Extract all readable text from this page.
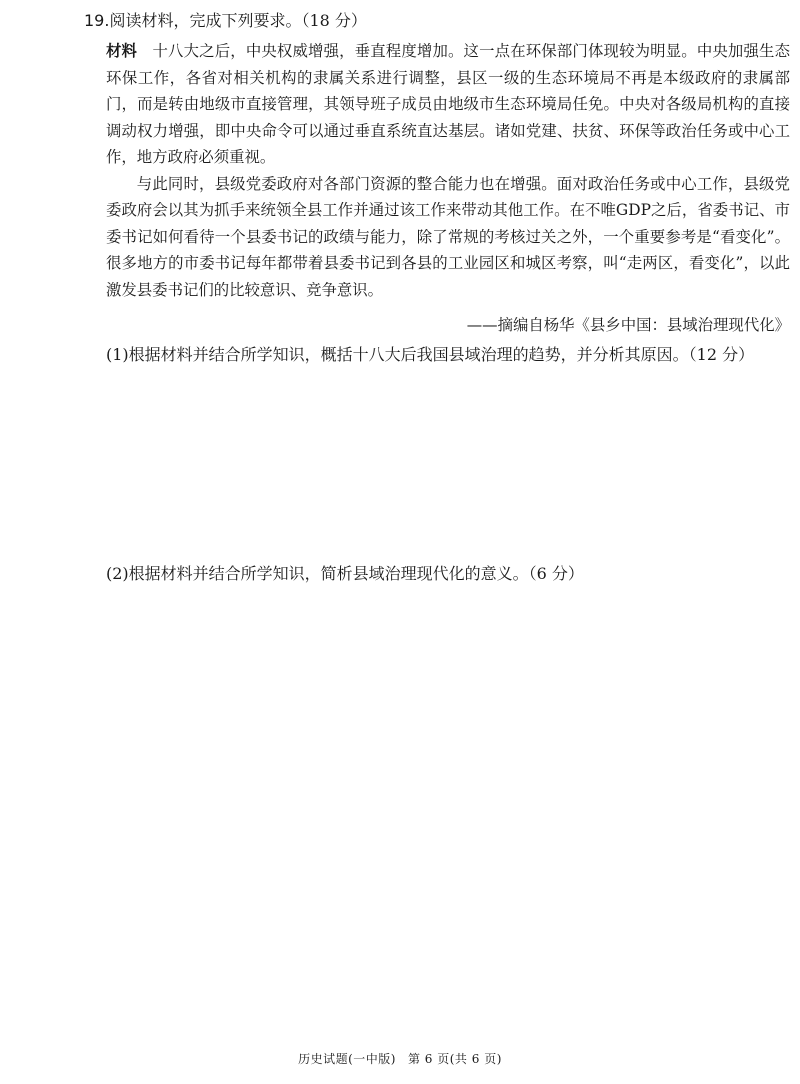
19.阅读材料，完成下列要求。（18 分）

材料 十八大之后，中央权威增强，垂直程度增加。这一点在环保部门体现较为明显。中央加强生态环保工作，各省对相关机构的隶属关系进行调整，县区一级的生态环境局不再是本级政府的隶属部门，而是转由地级市直接管理，其领导班子成员由地级市生态环境局任免。中央对各级局机构的直接调动权力增强，即中央命令可以通过垂直系统直达基层。诸如党建、扶贫、环保等政治任务或中心工作，地方政府必须重视。

与此同时，县级党委政府对各部门资源的整合能力也在增强。面对政治任务或中心工作，县级党委政府会以其为抓手来统领全县工作并通过该工作来带动其他工作。在不唯GDP之后，省委书记、市委书记如何看待一个县委书记的政绩与能力，除了常规的考核过关之外，一个重要参考是“看变化”。很多地方的市委书记每年都带着县委书记到各县的工业园区和城区考察，叫“走两区，看变化”，以此激发县委书记们的比较意识、竞争意识。

——摘编自杨华《县乡中国：县域治理现代化》
(1)根据材料并结合所学知识，概括十八大后我国县域治理的趋势，并分析其原因。（12 分）
(2)根据材料并结合所学知识，简析县域治理现代化的意义。（6 分）
历史试题(一中版) 第 6 页(共 6 页)
